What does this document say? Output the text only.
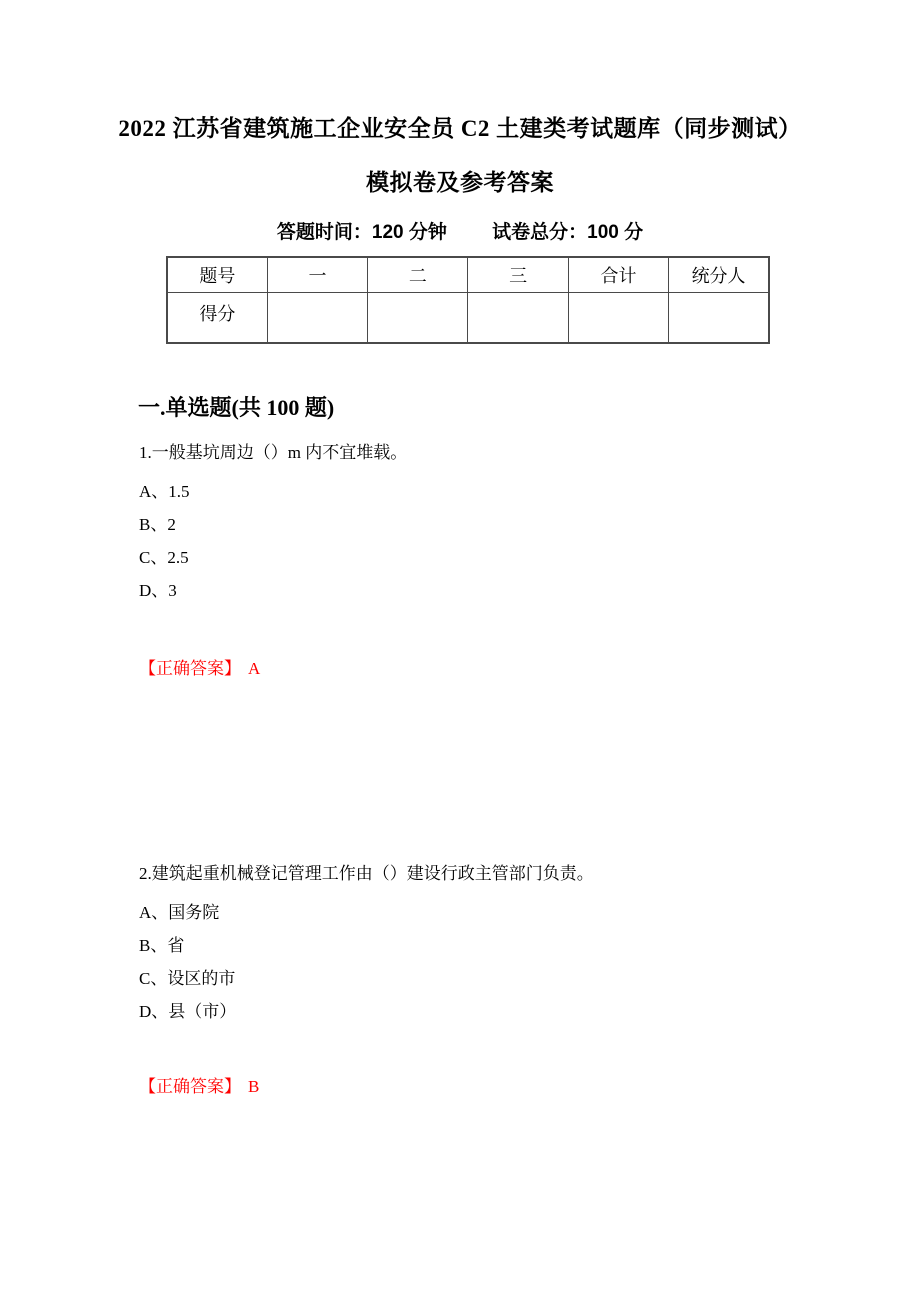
2022 江苏省建筑施工企业安全员 C2 土建类考试题库（同步测试）
模拟卷及参考答案
答题时间：120 分钟 试卷总分：100 分
题号	一	二	三	合计	统分人
得分					
一.单选题(共 100 题)
1.一般基坑周边（）m 内不宜堆载。
A、1.5
B、2
C、2.5
D、3
【正确答案】 A
2.建筑起重机械登记管理工作由（）建设行政主管部门负责。
A、国务院
B、省
C、设区的市
D、县（市）
【正确答案】 B
